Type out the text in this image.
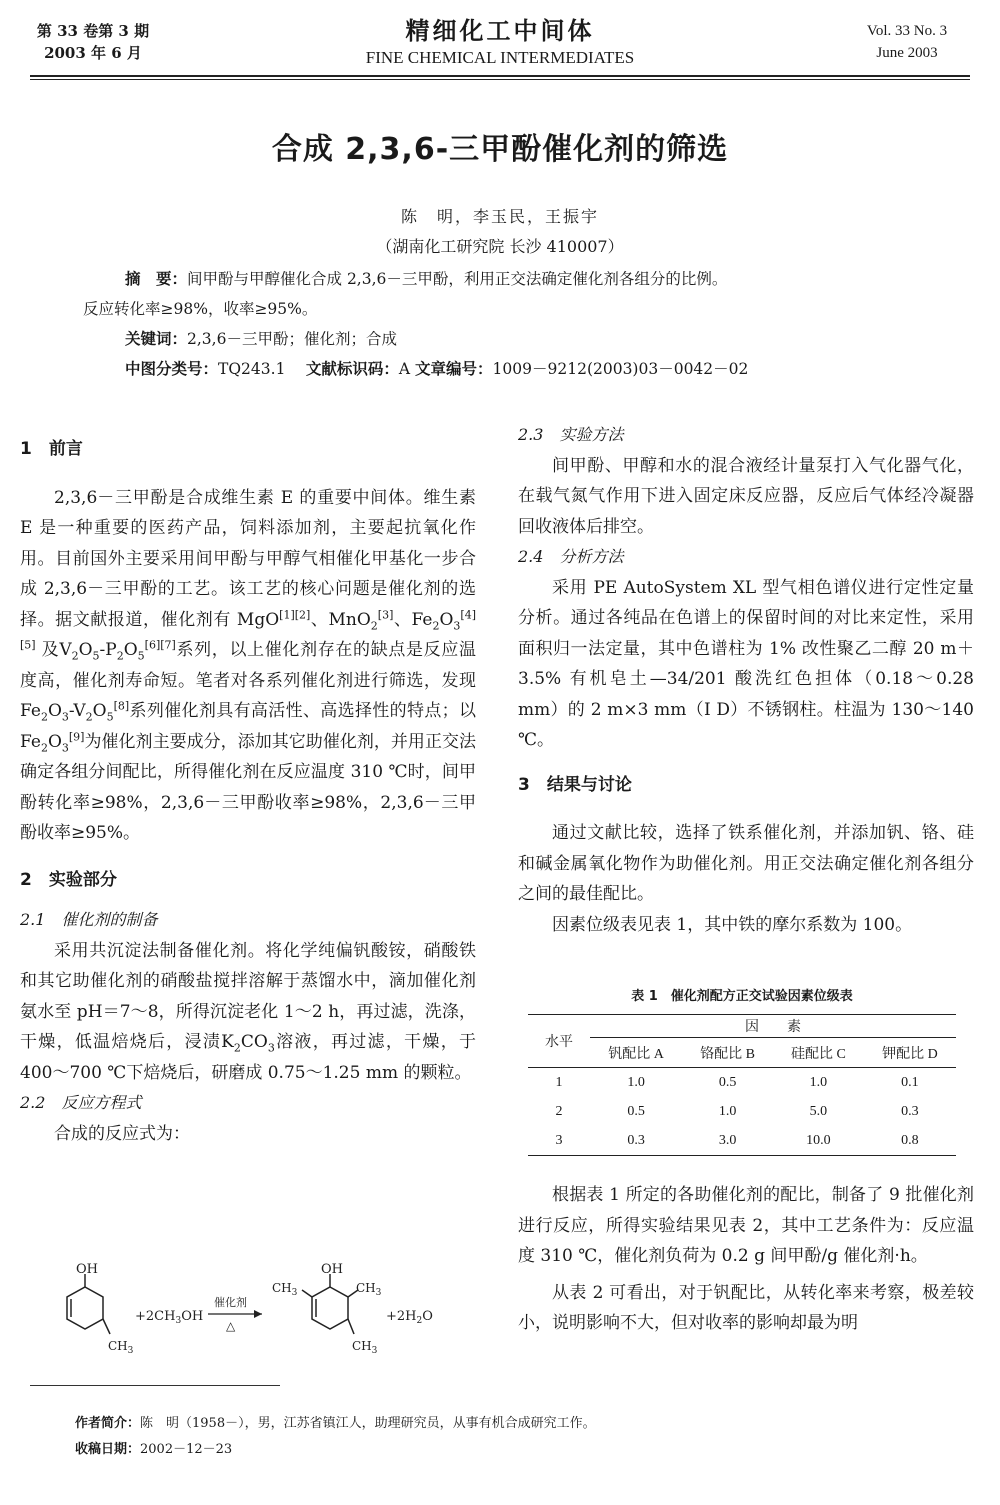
第 33 卷第 3 期
2003 年 6 月
精细化工中间体
FINE CHEMICAL INTERMEDIATES
Vol. 33 No. 3
June 2003
合成 2,3,6-三甲酚催化剂的筛选
陈　明，李玉民，王振宇
（湖南化工研究院 长沙 410007）
摘　要：间甲酚与甲醇催化合成 2,3,6－三甲酚，利用正交法确定催化剂各组分的比例。
反应转化率≥98%，收率≥95%。
关键词：2,3,6－三甲酚；催化剂；合成
中图分类号：TQ243.1　 文献标识码：A 文章编号：1009－9212(2003)03－0042－02
1　前言
2,3,6－三甲酚是合成维生素 E 的重要中间体。维生素 E 是一种重要的医药产品，饲料添加剂，主要起抗氧化作用。目前国外主要采用间甲酚与甲醇气相催化甲基化一步合成 2,3,6－三甲酚的工艺。该工艺的核心问题是催化剂的选择。据文献报道，催化剂有 MgO[1][2]、MnO$_2$[3]、$Fe_2O_3[4][5]$ 及$V_2O_5-P_2O_5[6][7]$系列，以上催化剂存在的缺点是反应温度高，催化剂寿命短。笔者对各系列催化剂进行筛选，发现 $Fe_2O_3-V_2O_5[8]$系列催化剂具有高活性、高选择性的特点；以 $Fe_2O_3[9]$为催化剂主要成分，添加其它助催化剂，并用正交法确定各组分间配比，所得催化剂在反应温度 310 ℃时，间甲酚转化率≥98%，2,3,6－三甲酚收率≥98%，2,3,6－三甲酚收率≥95%。
2　实验部分
2.1　催化剂的制备
采用共沉淀法制备催化剂。将化学纯偏钒酸铵，硝酸铁和其它助催化剂的硝酸盐搅拌溶解于蒸馏水中，滴加催化剂氨水至 pH＝7～8，所得沉淀老化 1～2 h，再过滤，洗涤，干燥，低温焙烧后，浸渍$K_2CO_3$溶液，再过滤，干燥，于 400～700 ℃下焙烧后，研磨成 0.75～1.25 mm 的颗粒。
2.2　反应方程式
合成的反应式为：
OH
$CH_3$
$+2CH_3OH$
催化剂
△
OH
$CH_3$	$CH_3$
$CH_3$
$+2H_2O$
2.3　实验方法
间甲酚、甲醇和水的混合液经计量泵打入气化器气化，在载气氮气作用下进入固定床反应器，反应后气体经冷凝器回收液体后排空。
2.4　分析方法
采用 PE AutoSystem XL 型气相色谱仪进行定性定量分析。通过各纯品在色谱上的保留时间的对比来定性，采用面积归一法定量，其中色谱柱为 1% 改性聚乙二醇 20 m＋3.5% 有机皂土—34/201 酸洗红色担体（0.18～0.28 mm）的 2 m×3 mm（I D）不锈钢柱。柱温为 130～140 ℃。
3　结果与讨论
通过文献比较，选择了铁系催化剂，并添加钒、铬、硅和碱金属氧化物作为助催化剂。用正交法确定催化剂各组分之间的最佳配比。
因素位级表见表 1，其中铁的摩尔系数为 100。
表 1　催化剂配方正交试验因素位级表
水平	因　　素			
	钒配比 A	铬配比 B	硅配比 C	钾配比 D
1	1.0	0.5	1.0	0.1
2	0.5	1.0	5.0	0.3
3	0.3	3.0	10.0	0.8
根据表 1 所定的各助催化剂的配比，制备了 9 批催化剂进行反应，所得实验结果见表 2，其中工艺条件为：反应温度 310 ℃，催化剂负荷为 0.2 g 间甲酚/g 催化剂·h。
从表 2 可看出，对于钒配比，从转化率来考察，极差较小，说明影响不大，但对收率的影响却最为明
作者简介：陈　明（1958－），男，江苏省镇江人，助理研究员，从事有机合成研究工作。
收稿日期：2002－12－23
